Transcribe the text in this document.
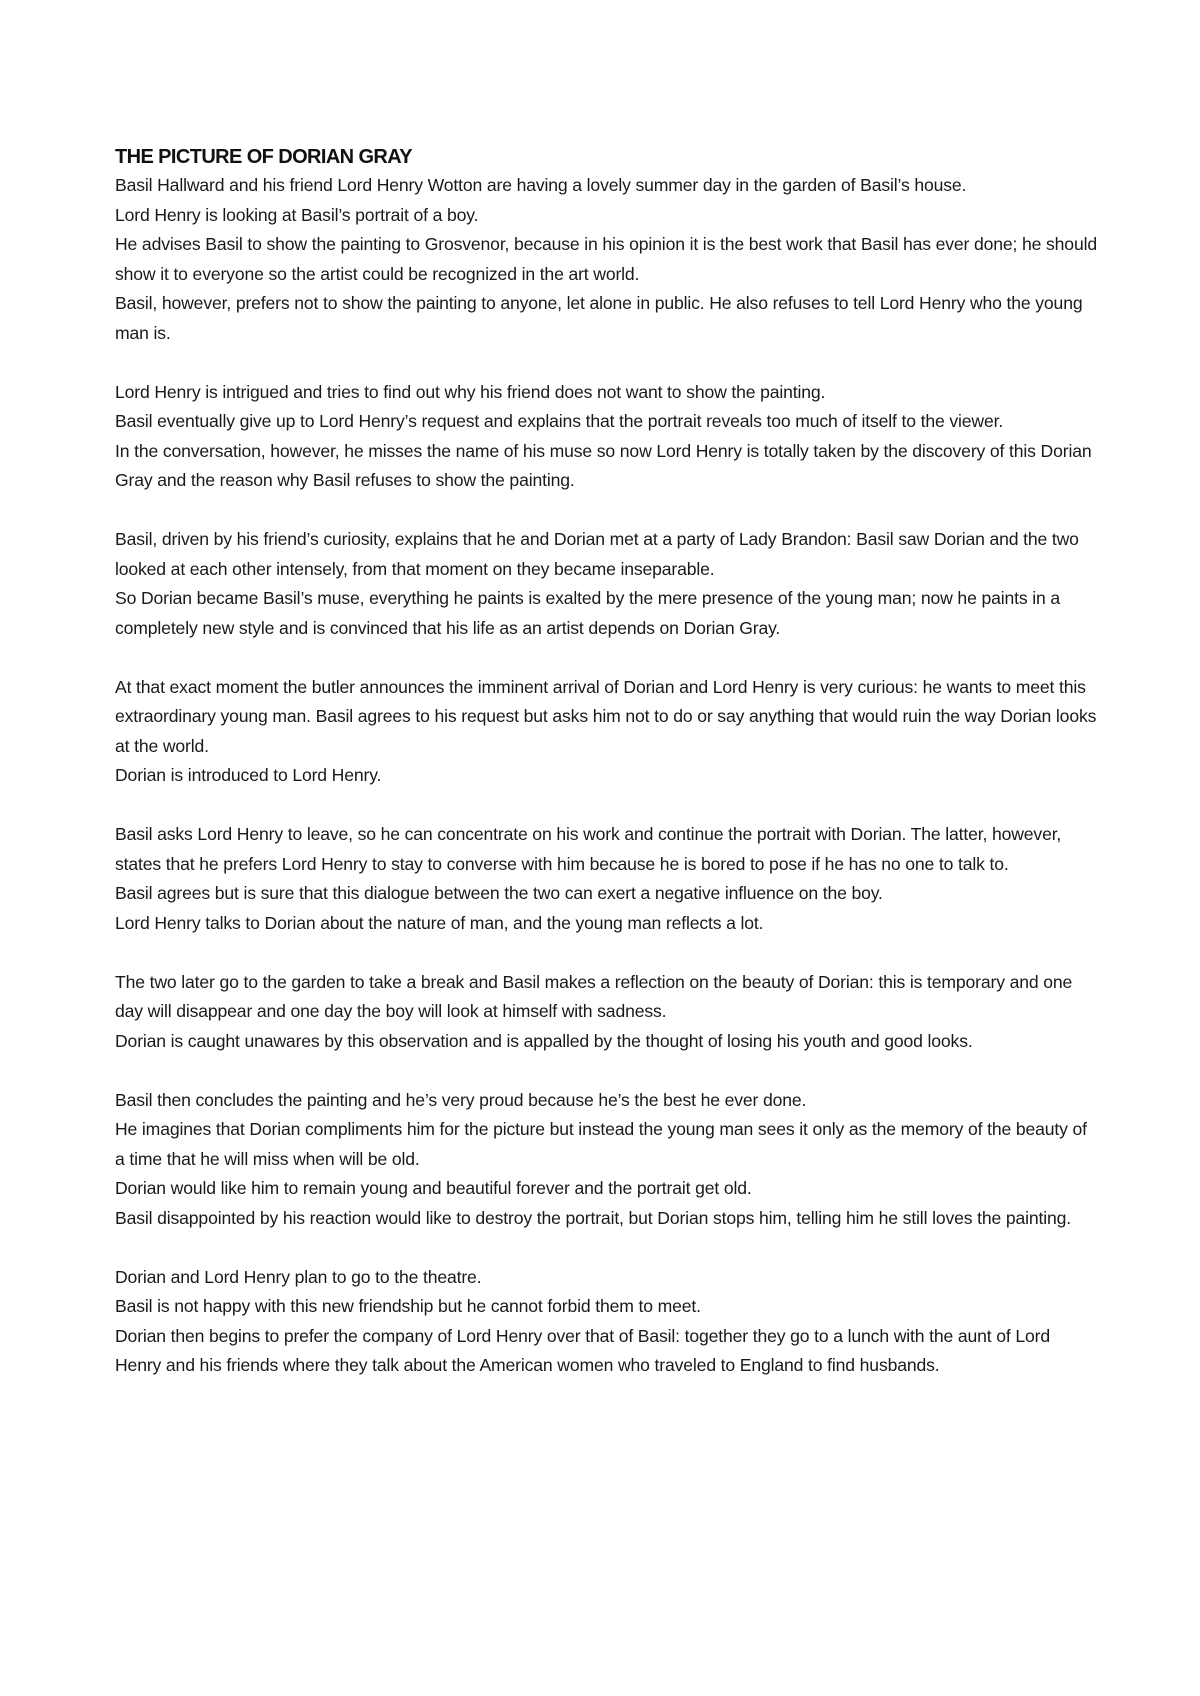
THE PICTURE OF DORIAN GRAY

Basil Hallward and his friend Lord Henry Wotton are having a lovely summer day in the garden of Basil’s house.

Lord Henry is looking at Basil’s portrait of a boy.

He advises Basil to show the painting to Grosvenor, because in his opinion it is the best work that Basil has ever done; he should show it to everyone so the artist could be recognized in the art world.

Basil, however, prefers not to show the painting to anyone, let alone in public. He also refuses to tell Lord Henry who the young man is.

Lord Henry is intrigued and tries to find out why his friend does not want to show the painting.

Basil eventually give up to Lord Henry’s request and explains that the portrait reveals too much of itself to the viewer.

In the conversation, however, he misses the name of his muse so now Lord Henry is totally taken by the discovery of this Dorian Gray and the reason why Basil refuses to show the painting.

Basil, driven by his friend’s curiosity, explains that he and Dorian met at a party of Lady Brandon: Basil saw Dorian and the two looked at each other intensely, from that moment on they became inseparable.

So Dorian became Basil’s muse, everything he paints is exalted by the mere presence of the young man; now he paints in a completely new style and is convinced that his life as an artist depends on Dorian Gray.

At that exact moment the butler announces the imminent arrival of Dorian and Lord Henry is very curious: he wants to meet this extraordinary young man. Basil agrees to his request but asks him not to do or say anything that would ruin the way Dorian looks at the world.

Dorian is introduced to Lord Henry.

Basil asks Lord Henry to leave, so he can concentrate on his work and continue the portrait with Dorian. The latter, however, states that he prefers Lord Henry to stay to converse with him because he is bored to pose if he has no one to talk to.

Basil agrees but is sure that this dialogue between the two can exert a negative influence on the boy.

Lord Henry talks to Dorian about the nature of man, and the young man reflects a lot.

The two later go to the garden to take a break and Basil makes a reflection on the beauty of Dorian: this is temporary and one day will disappear and one day the boy will look at himself with sadness.

Dorian is caught unawares by this observation and is appalled by the thought of losing his youth and good looks.

Basil then concludes the painting and he’s very proud because he’s the best he ever done.

He imagines that Dorian compliments him for the picture but instead the young man sees it only as the memory of the beauty of a time that he will miss when will be old.

Dorian would like him to remain young and beautiful forever and the portrait get old.

Basil disappointed by his reaction would like to destroy the portrait, but Dorian stops him, telling him he still loves the painting.

Dorian and Lord Henry plan to go to the theatre.

Basil is not happy with this new friendship but he cannot forbid them to meet.

Dorian then begins to prefer the company of Lord Henry over that of Basil: together they go to a lunch with the aunt of Lord Henry and his friends where they talk about the American women who traveled to England to find husbands.
